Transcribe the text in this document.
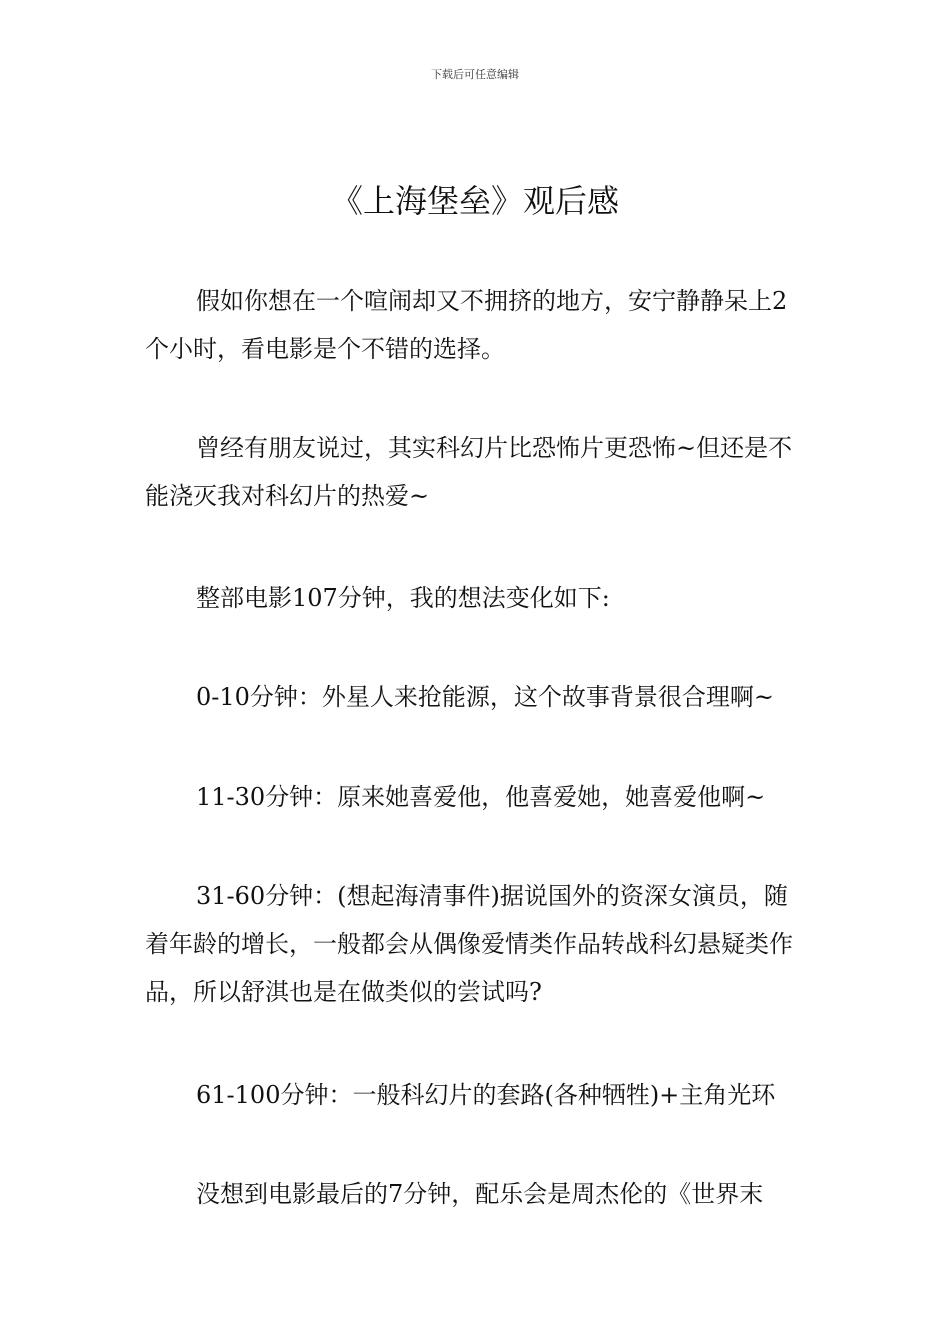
下载后可任意编辑
《上海堡垒》观后感

假如你想在一个喧闹却又不拥挤的地方，安宁静静呆上2个小时，看电影是个不错的选择。

曾经有朋友说过，其实科幻片比恐怖片更恐怖~但还是不能浇灭我对科幻片的热爱~

整部电影107分钟，我的想法变化如下:

0-10分钟：外星人来抢能源，这个故事背景很合理啊~

11-30分钟：原来她喜爱他，他喜爱她，她喜爱他啊~

31-60分钟：(想起海清事件)据说国外的资深女演员，随着年龄的增长，一般都会从偶像爱情类作品转战科幻悬疑类作品，所以舒淇也是在做类似的尝试吗?

61-100分钟：一般科幻片的套路(各种牺牲)+主角光环

没想到电影最后的7分钟，配乐会是周杰伦的《世界末
